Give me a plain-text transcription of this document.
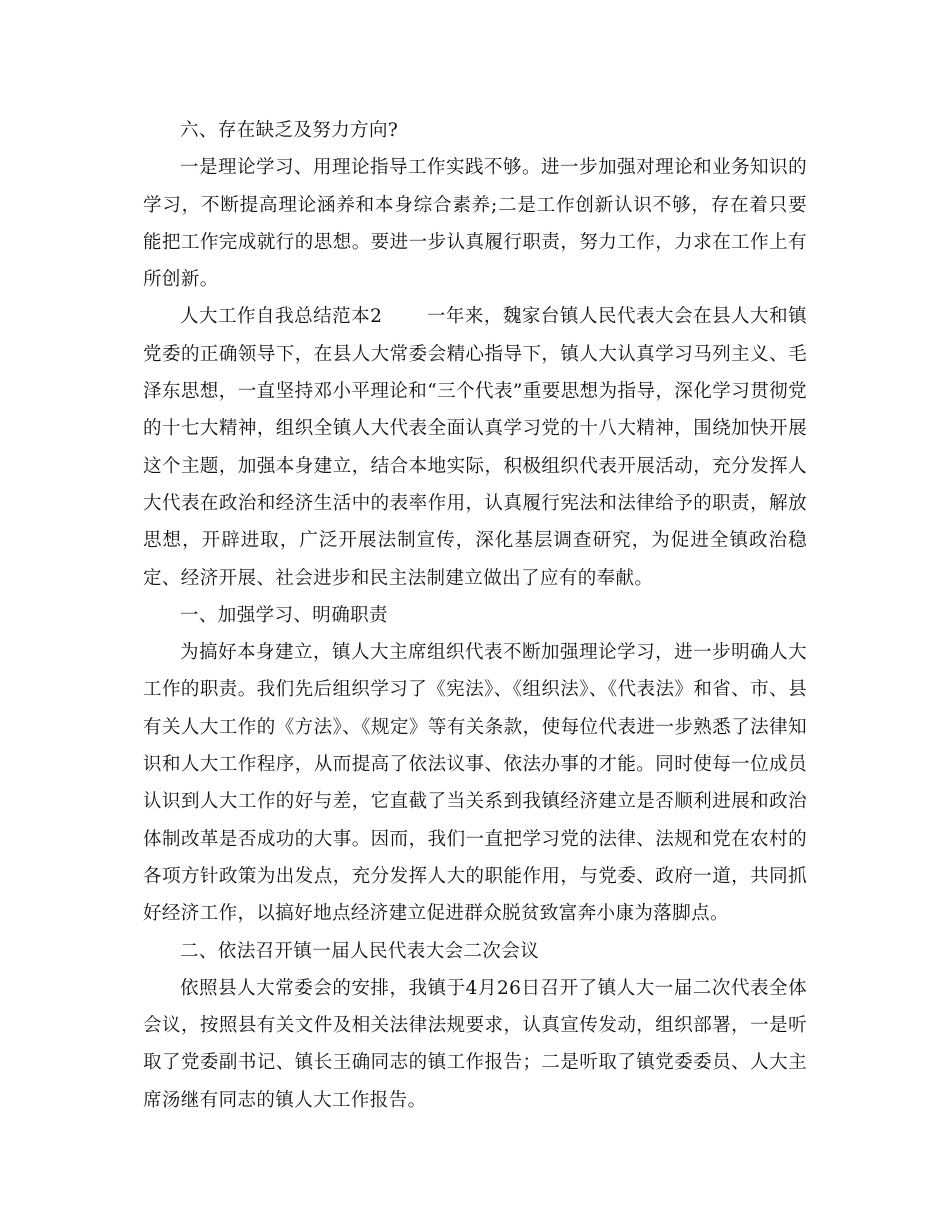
六、存在缺乏及努力方向?

一是理论学习、用理论指导工作实践不够。进一步加强对理论和业务知识的学习，不断提高理论涵养和本身综合素养;二是工作创新认识不够，存在着只要能把工作完成就行的思想。要进一步认真履行职责，努力工作，力求在工作上有所创新。

人大工作自我总结范本2 一年来，魏家台镇人民代表大会在县人大和镇党委的正确领导下，在县人大常委会精心指导下，镇人大认真学习马列主义、毛泽东思想，一直坚持邓小平理论和“三个代表”重要思想为指导，深化学习贯彻党的十七大精神，组织全镇人大代表全面认真学习党的十八大精神，围绕加快开展这个主题，加强本身建立，结合本地实际，积极组织代表开展活动，充分发挥人大代表在政治和经济生活中的表率作用，认真履行宪法和法律给予的职责，解放思想，开辟进取，广泛开展法制宣传，深化基层调查研究，为促进全镇政治稳定、经济开展、社会进步和民主法制建立做出了应有的奉献。

一、加强学习、明确职责

为搞好本身建立，镇人大主席组织代表不断加强理论学习，进一步明确人大工作的职责。我们先后组织学习了《宪法》、《组织法》、《代表法》和省、市、县有关人大工作的《方法》、《规定》等有关条款，使每位代表进一步熟悉了法律知识和人大工作程序，从而提高了依法议事、依法办事的才能。同时使每一位成员认识到人大工作的好与差，它直截了当关系到我镇经济建立是否顺利进展和政治体制改革是否成功的大事。因而，我们一直把学习党的法律、法规和党在农村的各项方针政策为出发点，充分发挥人大的职能作用，与党委、政府一道，共同抓好经济工作，以搞好地点经济建立促进群众脱贫致富奔小康为落脚点。

二、依法召开镇一届人民代表大会二次会议

依照县人大常委会的安排，我镇于4月26日召开了镇人大一届二次代表全体会议，按照县有关文件及相关法律法规要求，认真宣传发动，组织部署，一是听取了党委副书记、镇长王确同志的镇工作报告；二是听取了镇党委委员、人大主席汤继有同志的镇人大工作报告。
